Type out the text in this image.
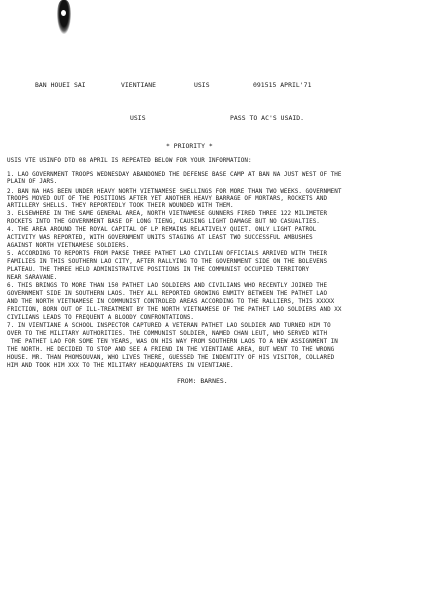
BAN HOUEI SAI	VIENTIANE	USIS	091515 APRIL'71
USIS	PASS TO AC'S USAID.
* PRIORITY *
USIS VTE USINFO DTD 08 APRIL IS REPEATED BELOW FOR YOUR INFORMATION:
1. LAO GOVERNMENT TROOPS WEDNESDAY ABANDONED THE DEFENSE BASE CAMP AT BAN NA JUST WEST OF THE
PLAIN OF JARS.
2. BAN NA HAS BEEN UNDER HEAVY NORTH VIETNAMESE SHELLINGS FOR MORE THAN TWO WEEKS. GOVERNMENT
TROOPS MOVED OUT OF THE POSITIONS AFTER YET ANOTHER HEAVY BARRAGE OF MORTARS, ROCKETS AND
ARTILLERY SHELLS. THEY REPORTEDLY TOOK THEIR WOUNDED WITH THEM.
3. ELSEWHERE IN THE SAME GENERAL AREA, NORTH VIETNAMESE GUNNERS FIRED THREE 122 MILIMETER
ROCKETS INTO THE GOVERNMENT BASE OF LONG TIENG, CAUSING LIGHT DAMAGE BUT NO CASUALTIES.
4. THE AREA AROUND THE ROYAL CAPITAL OF LP REMAINS RELATIVELY QUIET. ONLY LIGHT PATROL
ACTIVITY WAS REPORTED, WITH GOVERNMENT UNITS STAGING AT LEAST TWO SUCCESSFUL AMBUSHES
AGAINST NORTH VIETNAMESE SOLDIERS.
5. ACCORDING TO REPORTS FROM PAKSE THREE PATHET LAO CIVILIAN OFFICIALS ARRIVED WITH THEIR
FAMILIES IN THIS SOUTHERN LAO CITY, AFTER RALLYING TO THE GOVERNMENT SIDE ON THE BOLEVENS
PLATEAU. THE THREE HELD ADMINISTRATIVE POSITIONS IN THE COMMUNIST OCCUPIED TERRITORY
NEAR SARAVANE.
6. THIS BRINGS TO MORE THAN 150 PATHET LAO SOLDIERS AND CIVILIANS WHO RECENTLY JOINED THE
GOVERNMENT SIDE IN SOUTHERN LAOS. THEY ALL REPORTED GROWING ENMITY BETWEEN THE PATHET LAO
AND THE NORTH VIETNAMESE IN COMMUNIST CONTROLED AREAS ACCORDING TO THE RALLIERS, THIS XXXXX
FRICTION, BORN OUT OF ILL-TREATMENT BY THE NORTH VIETNAMESE OF THE PATHET LAO SOLDIERS AND XX
CIVILIANS LEADS TO FREQUENT A BLOODY CONFRONTATIONS.
7. IN VIENTIANE A SCHOOL INSPECTOR CAPTURED A VETERAN PATHET LAO SOLDIER AND TURNED HIM TO
OVER TO THE MILITARY AUTHORITIES. THE COMMUNIST SOLDIER, NAMED CHAN LEUT, WHO SERVED WITH
THE PATHET LAO FOR SOME TEN YEARS, WAS ON HIS WAY FROM SOUTHERN LAOS TO A NEW ASSIGNMENT IN
THE NORTH. HE DECIDED TO STOP AND SEE A FRIEND IN THE VIENTIANE AREA, BUT WENT TO THE WRONG
HOUSE. MR. THAN PHOMSOUVAN, WHO LIVES THERE, GUESSED THE INDENTITY OF HIS VISITOR, COLLARED
HIM AND TOOK HIM XXX TO THE MILITARY HEADQUARTERS IN VIENTIANE.
FROM: BARNES.
